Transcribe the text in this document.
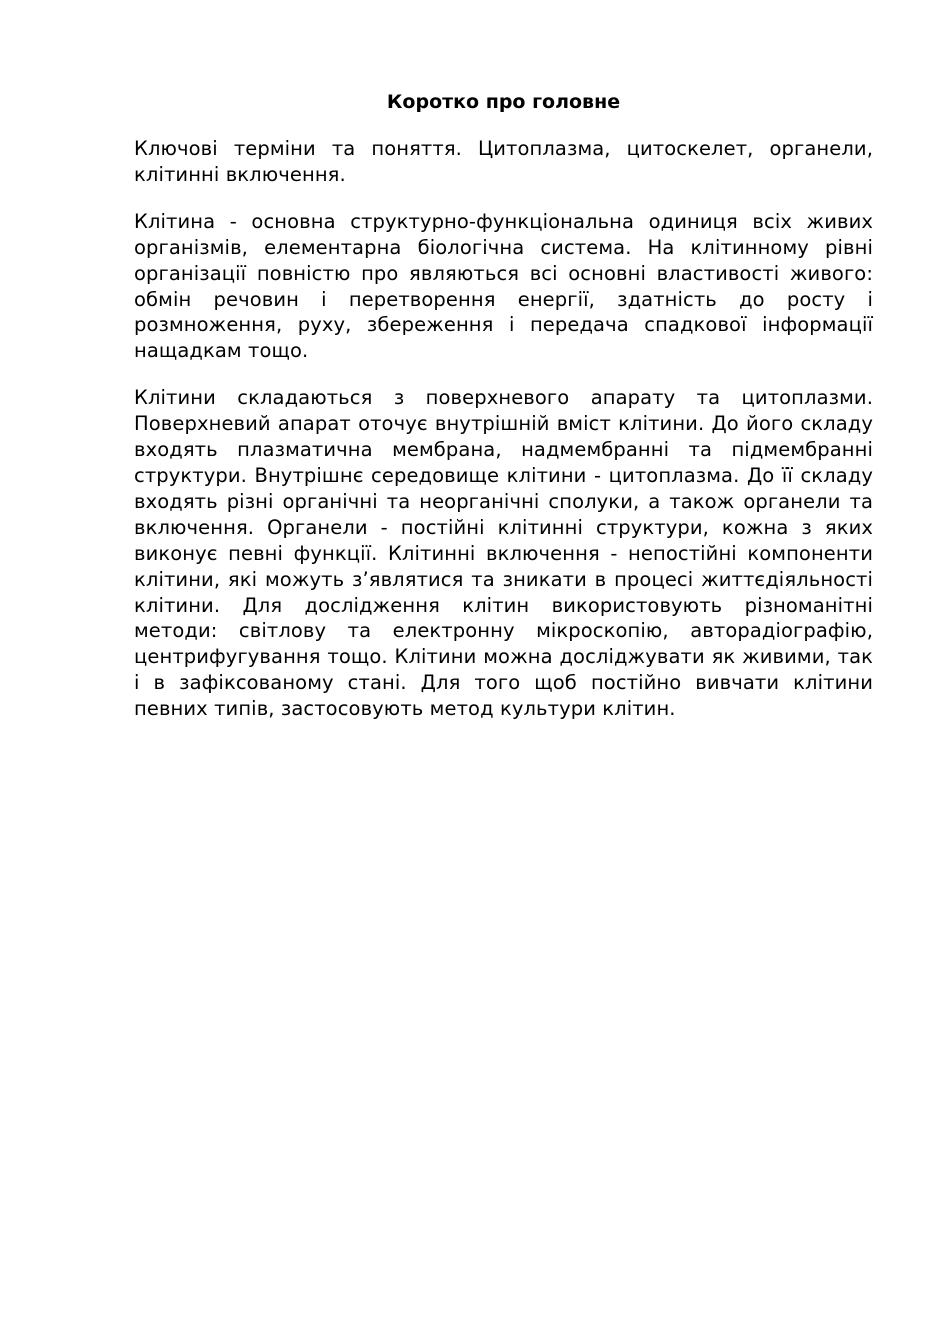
Коротко про головне

Ключові терміни та поняття. Цитоплазма, цитоскелет, органели, клітинні включення.

Клітина - основна структурно-функціональна одиниця всіх живих організмів, елементарна біологічна система. На клітинному рівні організації повністю про являються всі основні властивості живого: обмін речовин і перетворення енергії, здатність до росту і розмноження, руху, збереження і передача спадкової інформації нащадкам тощо.

Клітини складаються з поверхневого апарату та цитоплазми. Поверхневий апарат оточує внутрішній вміст клітини. До його складу входять плазматична мембрана, надмембранні та підмембранні структури. Внутрішнє середовище клітини - цитоплазма. До її складу входять різні органічні та неорганічні сполуки, а також органели та включення. Органели - постійні клітинні структури, кожна з яких виконує певні функції. Клітинні включення - непостійні компоненти клітини, які можуть з’являтися та зникати в процесі життєдіяльності клітини. Для дослідження клітин використовують різноманітні методи: світлову та електронну мікроскопію, авторадіографію, центрифугування тощо. Клітини можна досліджувати як живими, так і в зафіксованому стані. Для того щоб постійно вивчати клітини певних типів, застосовують метод культури клітин.
